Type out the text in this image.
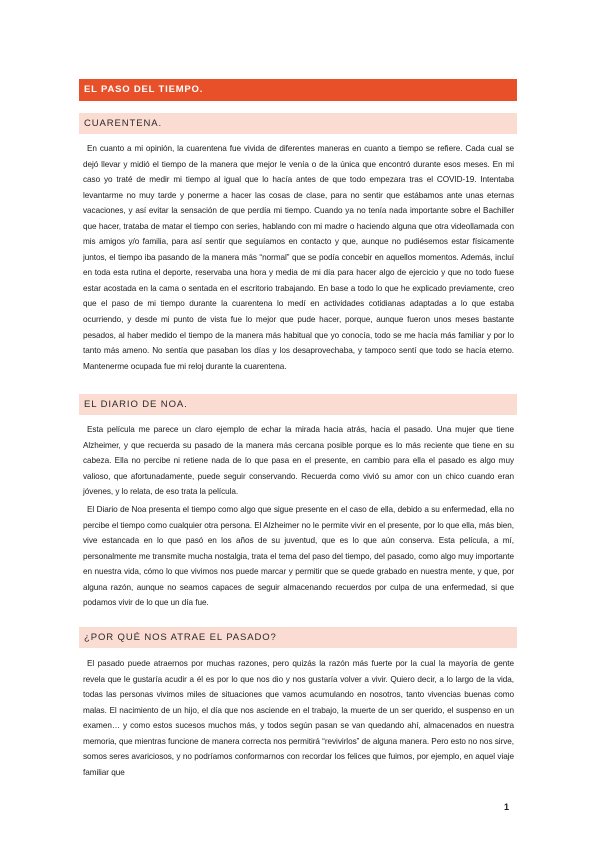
EL PASO DEL TIEMPO.
CUARENTENA.

En cuanto a mi opinión, la cuarentena fue vivida de diferentes maneras en cuanto a tiempo se refiere. Cada cual se dejó llevar y midió el tiempo de la manera que mejor le venía o de la única que encontró durante esos meses. En mi caso yo traté de medir mi tiempo al igual que lo hacía antes de que todo empezara tras el COVID-19. Intentaba levantarme no muy tarde y ponerme a hacer las cosas de clase, para no sentir que estábamos ante unas eternas vacaciones, y así evitar la sensación de que perdía mi tiempo. Cuando ya no tenía nada importante sobre el Bachiller que hacer, trataba de matar el tiempo con series, hablando con mi madre o haciendo alguna que otra videollamada con mis amigos y/o familia, para así sentir que seguíamos en contacto y que, aunque no pudiésemos estar físicamente juntos, el tiempo iba pasando de la manera más “normal” que se podía concebir en aquellos momentos. Además, incluí en toda esta rutina el deporte, reservaba una hora y media de mi día para hacer algo de ejercicio y que no todo fuese estar acostada en la cama o sentada en el escritorio trabajando. En base a todo lo que he explicado previamente, creo que el paso de mi tiempo durante la cuarentena lo medí en actividades cotidianas adaptadas a lo que estaba ocurriendo, y desde mi punto de vista fue lo mejor que pude hacer, porque, aunque fueron unos meses bastante pesados, al haber medido el tiempo de la manera más habitual que yo conocía, todo se me hacía más familiar y por lo tanto más ameno. No sentía que pasaban los días y los desaprovechaba, y tampoco sentí que todo se hacía eterno. Mantenerme ocupada fue mi reloj durante la cuarentena.

EL DIARIO DE NOA.

Esta película me parece un claro ejemplo de echar la mirada hacia atrás, hacia el pasado. Una mujer que tiene Alzheimer, y que recuerda su pasado de la manera más cercana posible porque es lo más reciente que tiene en su cabeza. Ella no percibe ni retiene nada de lo que pasa en el presente, en cambio para ella el pasado es algo muy valioso, que afortunadamente, puede seguir conservando. Recuerda como vivió su amor con un chico cuando eran jóvenes, y lo relata, de eso trata la película.

El Diario de Noa presenta el tiempo como algo que sigue presente en el caso de ella, debido a su enfermedad, ella no percibe el tiempo como cualquier otra persona. El Alzheimer no le permite vivir en el presente, por lo que ella, más bien, vive estancada en lo que pasó en los años de su juventud, que es lo que aún conserva. Esta película, a mí, personalmente me transmite mucha nostalgia, trata el tema del paso del tiempo, del pasado, como algo muy importante en nuestra vida, cómo lo que vivimos nos puede marcar y permitir que se quede grabado en nuestra mente, y que, por alguna razón, aunque no seamos capaces de seguir almacenando recuerdos por culpa de una enfermedad, si que podamos vivir de lo que un día fue.

¿POR QUÉ NOS ATRAE EL PASADO?

El pasado puede atraernos por muchas razones, pero quizás la razón más fuerte por la cual la mayoría de gente revela que le gustaría acudir a él es por lo que nos dio y nos gustaría volver a vivir. Quiero decir, a lo largo de la vida, todas las personas vivimos miles de situaciones que vamos acumulando en nosotros, tanto vivencias buenas como malas. El nacimiento de un hijo, el día que nos asciende en el trabajo, la muerte de un ser querido, el suspenso en un examen… y como estos sucesos muchos más, y todos según pasan se van quedando ahí, almacenados en nuestra memoria, que mientras funcione de manera correcta nos permitirá “revivirlos” de alguna manera. Pero esto no nos sirve, somos seres avariciosos, y no podríamos conformarnos con recordar los felices que fuimos, por ejemplo, en aquel viaje familiar que

1
